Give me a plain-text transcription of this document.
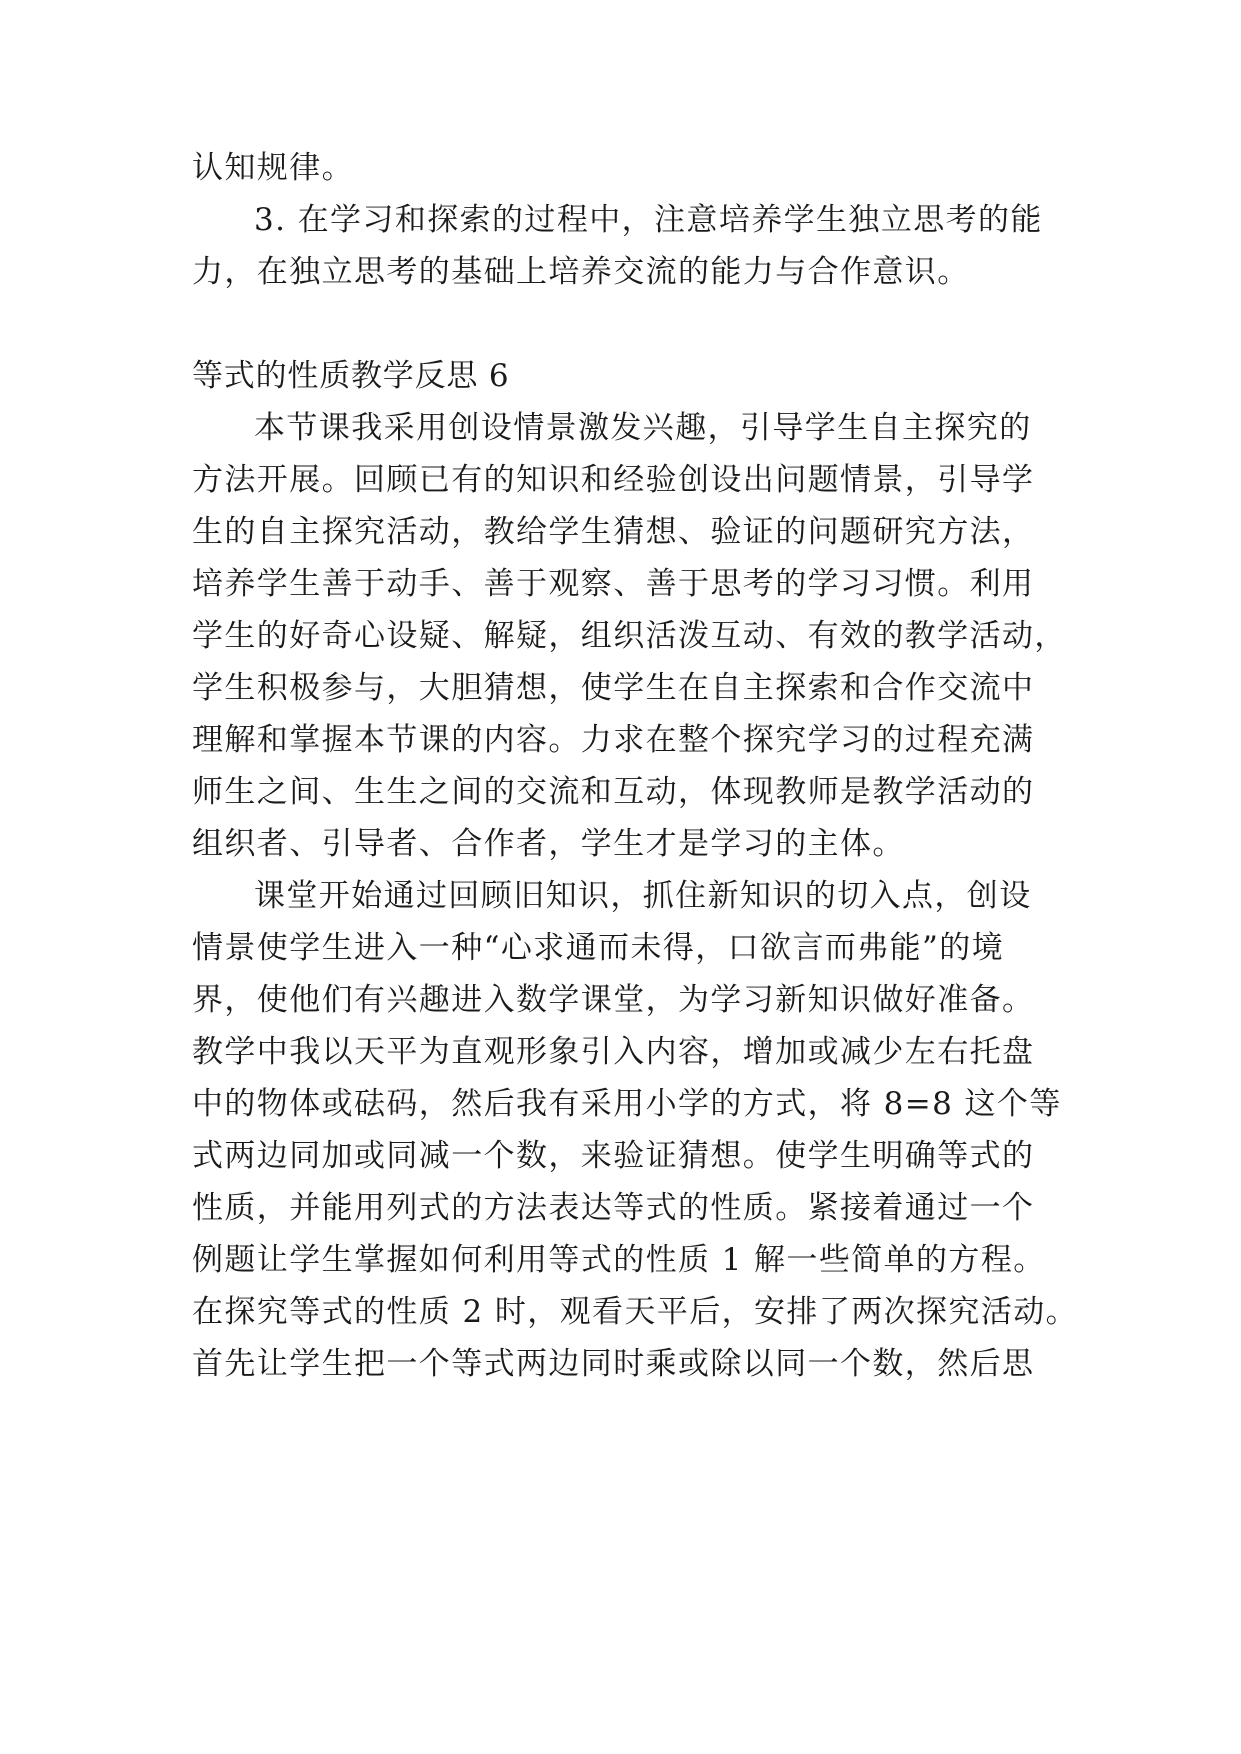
认知规律。
3. 在学习和探索的过程中，注意培养学生独立思考的能
力，在独立思考的基础上培养交流的能力与合作意识。
等式的性质教学反思 6
本节课我采用创设情景激发兴趣，引导学生自主探究的
方法开展。回顾已有的知识和经验创设出问题情景，引导学
生的自主探究活动，教给学生猜想、验证的问题研究方法，
培养学生善于动手、善于观察、善于思考的学习习惯。利用
学生的好奇心设疑、解疑，组织活泼互动、有效的教学活动，
学生积极参与，大胆猜想，使学生在自主探索和合作交流中
理解和掌握本节课的内容。力求在整个探究学习的过程充满
师生之间、生生之间的交流和互动，体现教师是教学活动的
组织者、引导者、合作者，学生才是学习的主体。
课堂开始通过回顾旧知识，抓住新知识的切入点，创设
情景使学生进入一种“心求通而未得，口欲言而弗能”的境
界，使他们有兴趣进入数学课堂，为学习新知识做好准备。
教学中我以天平为直观形象引入内容，增加或减少左右托盘
中的物体或砝码，然后我有采用小学的方式，将 8=8 这个等
式两边同加或同减一个数，来验证猜想。使学生明确等式的
性质，并能用列式的方法表达等式的性质。紧接着通过一个
例题让学生掌握如何利用等式的性质 1 解一些简单的方程。
在探究等式的性质 2 时，观看天平后，安排了两次探究活动。
首先让学生把一个等式两边同时乘或除以同一个数，然后思
